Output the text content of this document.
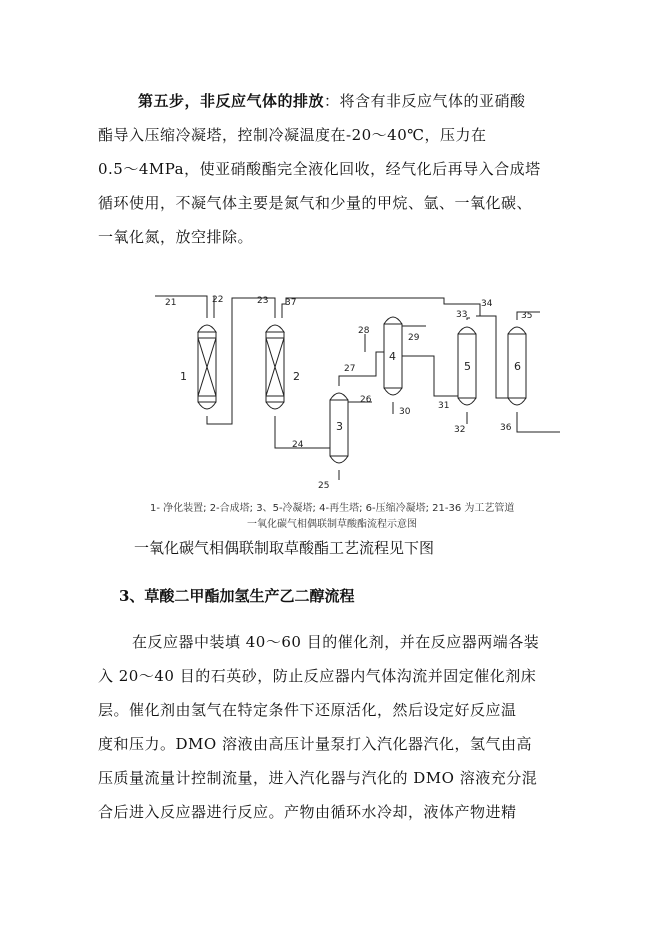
第五步，非反应气体的排放：将含有非反应气体的亚硝酸
酯导入压缩冷凝塔，控制冷凝温度在-20～40℃，压力在
0.5～4MPa，使亚硝酸酯完全液化回收，经气化后再导入合成塔
循环使用，不凝气体主要是氮气和少量的甲烷、氩、一氧化碳、
一氧化氮，放空排除。
1	2
3
4
5	6
21	22	23 37
24
25
26
27
28
29
30
31
32
33
34
35
36
1- 净化装置; 2-合成塔; 3、5-冷凝塔; 4-再生塔; 6-压缩冷凝塔; 21-36 为工艺管道
一氧化碳气相偶联制草酸酯流程示意图
一氧化碳气相偶联制取草酸酯工艺流程见下图
3、草酸二甲酯加氢生产乙二醇流程
在反应器中装填 40～60 目的催化剂，并在反应器两端各装
入 20～40 目的石英砂，防止反应器内气体沟流并固定催化剂床
层。催化剂由氢气在特定条件下还原活化，然后设定好反应温
度和压力。DMO 溶液由高压计量泵打入汽化器汽化，氢气由高
压质量流量计控制流量，进入汽化器与汽化的 DMO 溶液充分混
合后进入反应器进行反应。产物由循环水冷却，液体产物进精
